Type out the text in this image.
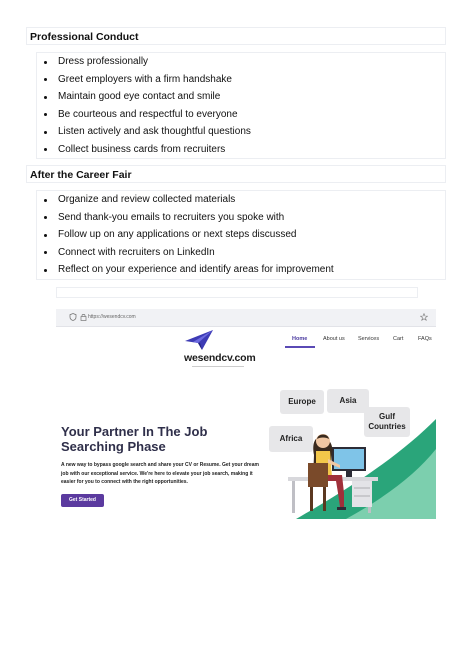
Professional Conduct
Dress professionally
Greet employers with a firm handshake
Maintain good eye contact and smile
Be courteous and respectful to everyone
Listen actively and ask thoughtful questions
Collect business cards from recruiters
After the Career Fair
Organize and review collected materials
Send thank-you emails to recruiters you spoke with
Follow up on any applications or next steps discussed
Connect with recruiters on LinkedIn
Reflect on your experience and identify areas for improvement
https://wesendcv.com
wesendcv.com
Home	About us Services	Cart	FAQs
Your Partner In The Job
Searching Phase
A new way to bypass google search and share your CV or Resume. Get your dream job with our exceptional service. We're here to elevate your job search, making it easier for you to connect with the right opportunities.
Get Started
Europe	Asia
Gulf
Countries
Africa
